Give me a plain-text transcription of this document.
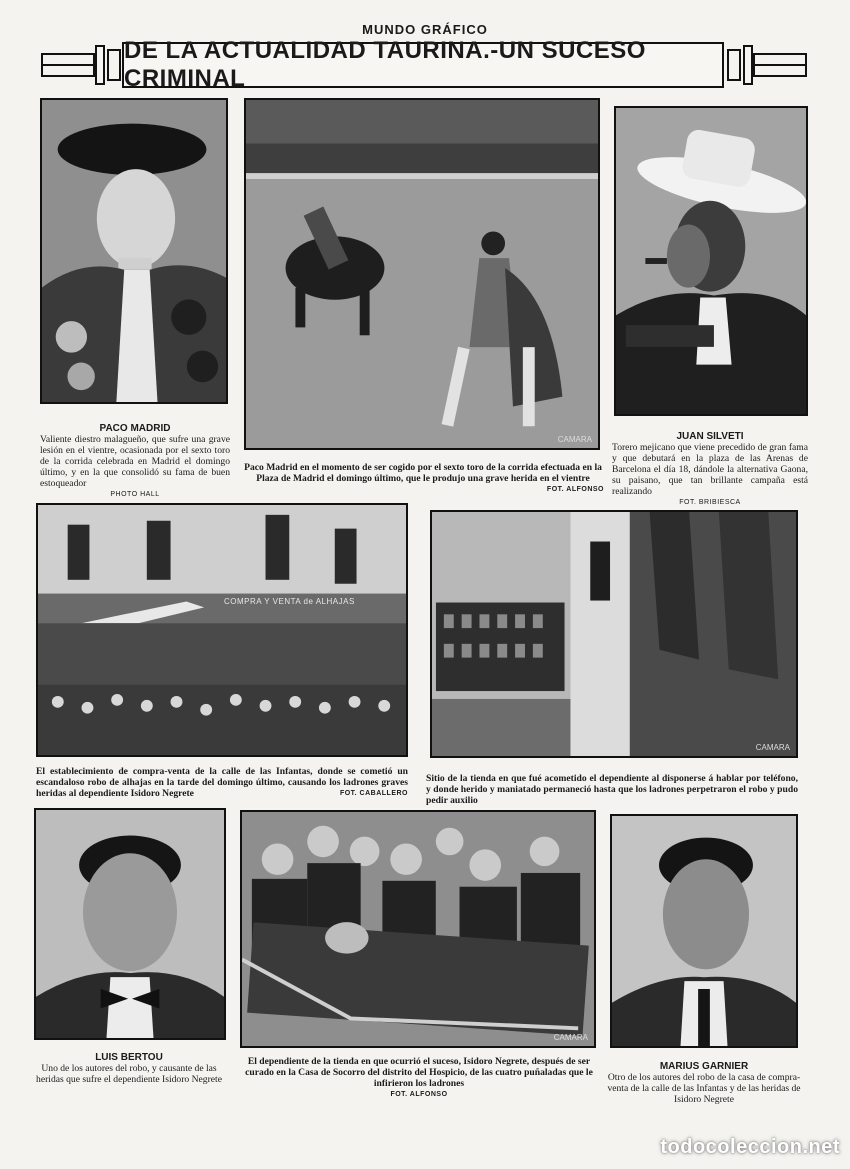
MUNDO GRÁFICO
DE LA ACTUALIDAD TAURINA.-UN SUCESO CRIMINAL
CAMARA
PACO MADRID
Valiente diestro malagueño, que sufre una grave lesión en el vientre, ocasionada por el sexto toro de la corrida celebrada en Madrid el domingo último, y en la que consolidó su fama de buen estoqueador
PHOTO HALL
Paco Madrid en el momento de ser cogido por el sexto toro de la corrida efectuada en la Plaza de Madrid el domingo último, que le produjo una grave herida en el vientre
FOT. ALFONSO
JUAN SILVETI
Torero mejicano que viene precedido de gran fama y que debutará en la plaza de las Arenas de Barcelona el día 18, dándole la alternativa Gaona, su paisano, que tan brillante campaña está realizando
FOT. BRIBIESCA
COMPRA Y VENTA de ALHAJAS
CAMARA
El establecimiento de compra-venta de la calle de las Infantas, donde se cometió un escandaloso robo de alhajas en la tarde del domingo último, causando los ladrones graves heridas al dependiente Isidoro Negrete	FOT. CABALLERO
Sitio de la tienda en que fué acometido el dependiente al disponerse á hablar por teléfono, y donde herido y maniatado permaneció hasta que los ladrones perpetraron el robo y pudo pedir auxilio
CAMARA
LUIS BERTOU
Uno de los autores del robo, y causante de las heridas que sufre el dependiente Isidoro Negrete
El dependiente de la tienda en que ocurrió el suceso, Isidoro Negrete, después de ser curado en la Casa de Socorro del distrito del Hospicio, de las cuatro puñaladas que le infirieron los ladrones
FOT. ALFONSO
MARIUS GARNIER
Otro de los autores del robo de la casa de compra-venta de la calle de las Infantas y de las heridas de Isidoro Negrete
todocoleccion.net
